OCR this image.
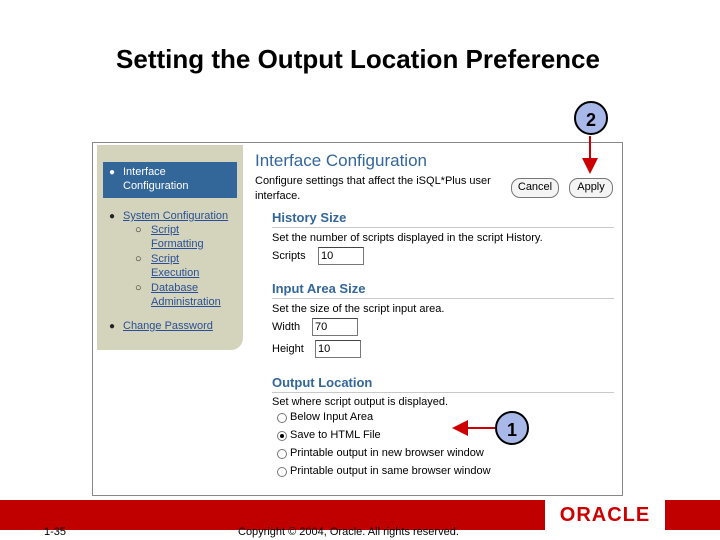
Setting the Output Location Preference
2
● Interface
Configuration
● System Configuration
○ Script
Formatting
○ Script
Execution
○ Database
Administration
● Change Password
Interface Configuration
Configure settings that affect the iSQL*Plus user
interface.
Cancel	Apply
History Size
Set the number of scripts displayed in the script History.
Scripts 10
Input Area Size
Set the size of the script input area.
Width 70
Height 10
Output Location
Set where script output is displayed.
Below Input Area
Save to HTML File
Printable output in new browser window
Printable output in same browser window
1
ORACLE
1-35	Copyright © 2004, Oracle. All rights reserved.
